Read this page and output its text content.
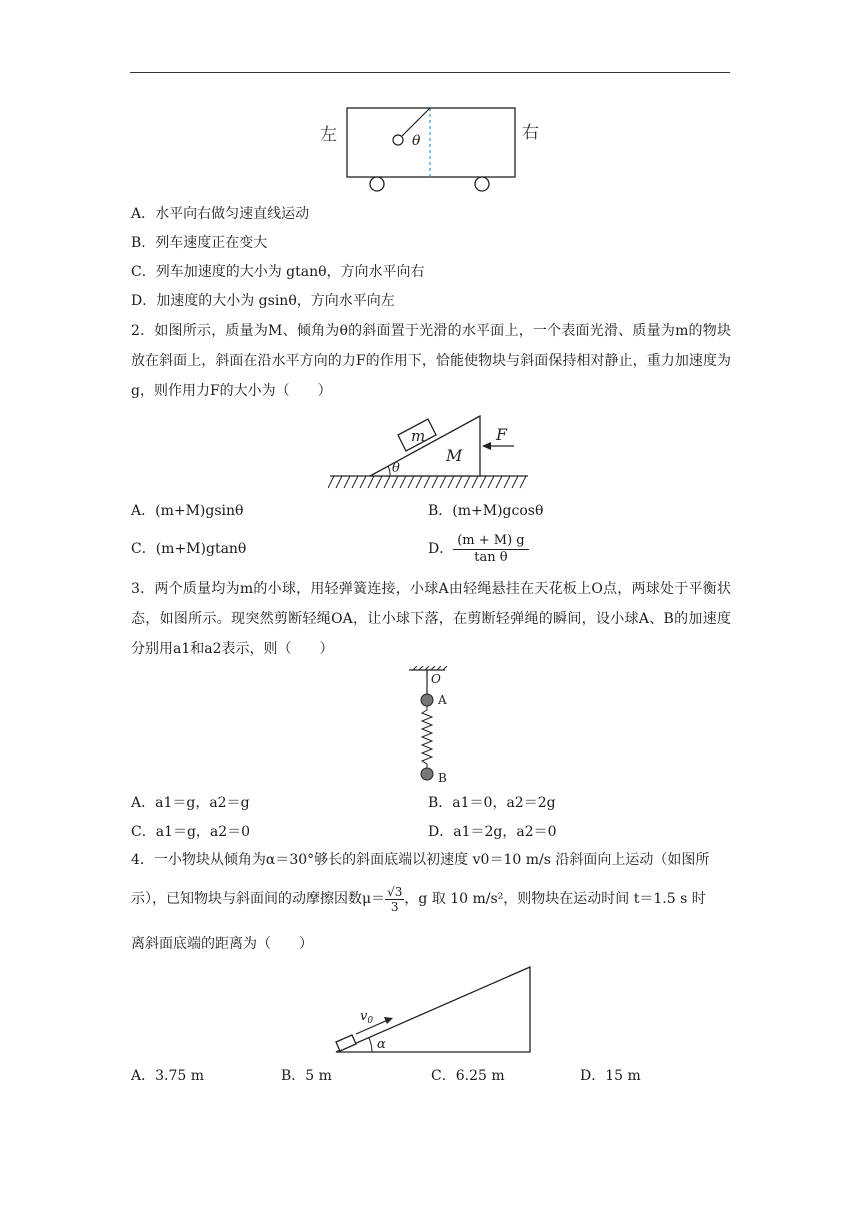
左	右
θ
A．水平向右做匀速直线运动
B．列车速度正在变大
C．列车加速度的大小为 gtanθ，方向水平向右
D．加速度的大小为 gsinθ，方向水平向左
2．如图所示，质量为M、倾角为θ的斜面置于光滑的水平面上，一个表面光滑、质量为m的物块放在斜面上，斜面在沿水平方向的力F的作用下，恰能使物块与斜面保持相对静止，重力加速度为g，则作用力F的大小为（　　）
m
M
θ
F
A．(m+M)gsinθ	B．(m+M)gcosθ
C．(m+M)gtanθ	D． $\frac{(m + M) g}{\text{tan θ}}$
3．两个质量均为m的小球，用轻弹簧连接，小球A由轻绳悬挂在天花板上O点，两球处于平衡状态，如图所示。现突然剪断轻绳OA，让小球下落，在剪断轻弹绳的瞬间，设小球A、B的加速度分别用a1和a2表示，则（　　）
O
A
B
A．a1＝g，a2＝g	B．a1＝0，a2＝2g
C．a1＝g，a2＝0	D．a1＝2g，a2＝0
4．一小物块从倾角为α＝30°够长的斜面底端以初速度 v0＝10 m/s 沿斜面向上运动（如图所
示），已知物块与斜面间的动摩擦因数$\mu= \frac{√3}{3}$，g 取 10 m/s²，则物块在运动时间 t＝1.5 s 时
离斜面底端的距离为（　　）
$v_0$
α
A．3.75 m	B．5 m	C．6.25 m	D．15 m
